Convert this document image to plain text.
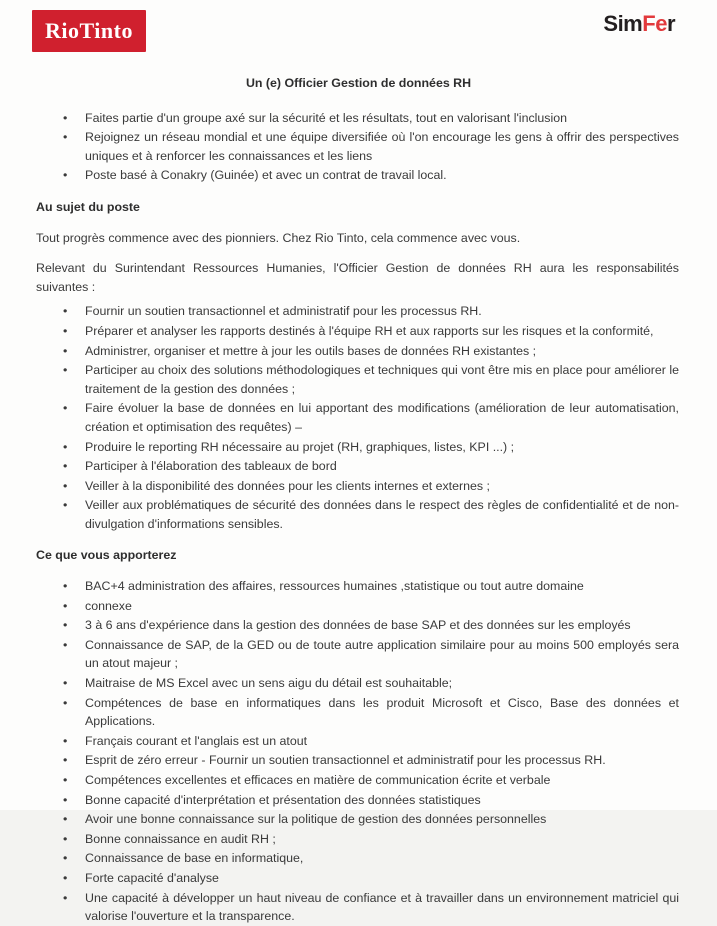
RioTinto	SimFer
Un (e) Officier Gestion de données RH
• Faites partie d'un groupe axé sur la sécurité et les résultats, tout en valorisant l'inclusion
• Rejoignez un réseau mondial et une équipe diversifiée où l'on encourage les gens à offrir des perspectives uniques et à renforcer les connaissances et les liens
• Poste basé à Conakry (Guinée) et avec un contrat de travail local.
Au sujet du poste

Tout progrès commence avec des pionniers. Chez Rio Tinto, cela commence avec vous.

Relevant du Surintendant Ressources Humanies, l'Officier Gestion de données RH aura les responsabilités suivantes :

• Fournir un soutien transactionnel et administratif pour les processus RH.
• Préparer et analyser les rapports destinés à l'équipe RH et aux rapports sur les risques et la conformité,
• Administrer, organiser et mettre à jour les outils bases de données RH existantes ;
• Participer au choix des solutions méthodologiques et techniques qui vont être mis en place pour améliorer le traitement de la gestion des données ;
• Faire évoluer la base de données en lui apportant des modifications (amélioration de leur automatisation, création et optimisation des requêtes) –
• Produire le reporting RH nécessaire au projet (RH, graphiques, listes, KPI ...) ;
• Participer à l'élaboration des tableaux de bord
• Veiller à la disponibilité des données pour les clients internes et externes ;
• Veiller aux problématiques de sécurité des données dans le respect des règles de confidentialité et de non-divulgation d'informations sensibles.
Ce que vous apporterez
• BAC+4 administration des affaires, ressources humaines ,statistique ou tout autre domaine
• connexe
• 3 à 6 ans d'expérience dans la gestion des données de base SAP et des données sur les employés
• Connaissance de SAP, de la GED ou de toute autre application similaire pour au moins 500 employés sera un atout majeur ;
• Maitraise de MS Excel avec un sens aigu du détail est souhaitable;
• Compétences de base en informatiques dans les produit Microsoft et Cisco, Base des données et Applications.
• Français courant et l'anglais est un atout
• Esprit de zéro erreur - Fournir un soutien transactionnel et administratif pour les processus RH.
• Compétences excellentes et efficaces en matière de communication écrite et verbale
• Bonne capacité d'interprétation et présentation des données statistiques
• Avoir une bonne connaissance sur la politique de gestion des données personnelles
• Bonne connaissance en audit RH ;
• Connaissance de base en informatique,
• Forte capacité d'analyse
• Une capacité à développer un haut niveau de confiance et à travailler dans un environnement matriciel qui valorise l'ouverture et la transparence.
